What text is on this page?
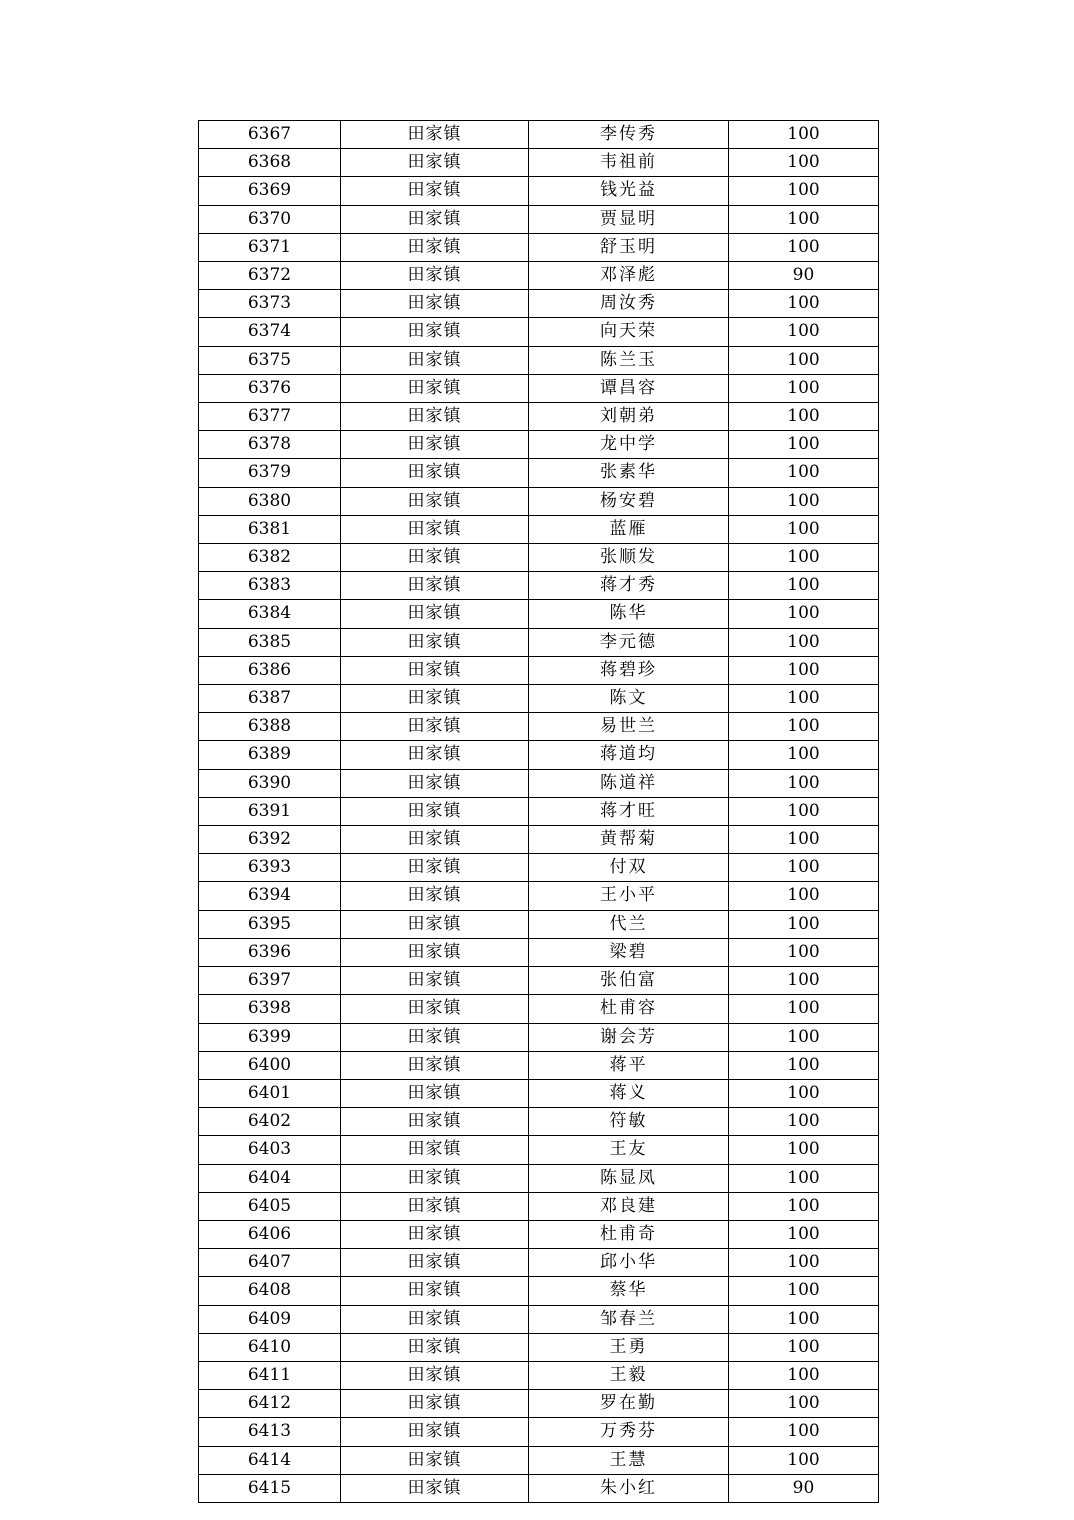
6367	田家镇	李传秀	100
6368	田家镇	韦祖前	100
6369	田家镇	钱光益	100
6370	田家镇	贾显明	100
6371	田家镇	舒玉明	100
6372	田家镇	邓泽彪	90
6373	田家镇	周汝秀	100
6374	田家镇	向天荣	100
6375	田家镇	陈兰玉	100
6376	田家镇	谭昌容	100
6377	田家镇	刘朝弟	100
6378	田家镇	龙中学	100
6379	田家镇	张素华	100
6380	田家镇	杨安碧	100
6381	田家镇	蓝雁	100
6382	田家镇	张顺发	100
6383	田家镇	蒋才秀	100
6384	田家镇	陈华	100
6385	田家镇	李元德	100
6386	田家镇	蒋碧珍	100
6387	田家镇	陈文	100
6388	田家镇	易世兰	100
6389	田家镇	蒋道均	100
6390	田家镇	陈道祥	100
6391	田家镇	蒋才旺	100
6392	田家镇	黄帮菊	100
6393	田家镇	付双	100
6394	田家镇	王小平	100
6395	田家镇	代兰	100
6396	田家镇	梁碧	100
6397	田家镇	张伯富	100
6398	田家镇	杜甫容	100
6399	田家镇	谢会芳	100
6400	田家镇	蒋平	100
6401	田家镇	蒋义	100
6402	田家镇	符敏	100
6403	田家镇	王友	100
6404	田家镇	陈显凤	100
6405	田家镇	邓良建	100
6406	田家镇	杜甫奇	100
6407	田家镇	邱小华	100
6408	田家镇	蔡华	100
6409	田家镇	邹春兰	100
6410	田家镇	王勇	100
6411	田家镇	王毅	100
6412	田家镇	罗在勤	100
6413	田家镇	万秀芬	100
6414	田家镇	王慧	100
6415	田家镇	朱小红	90
